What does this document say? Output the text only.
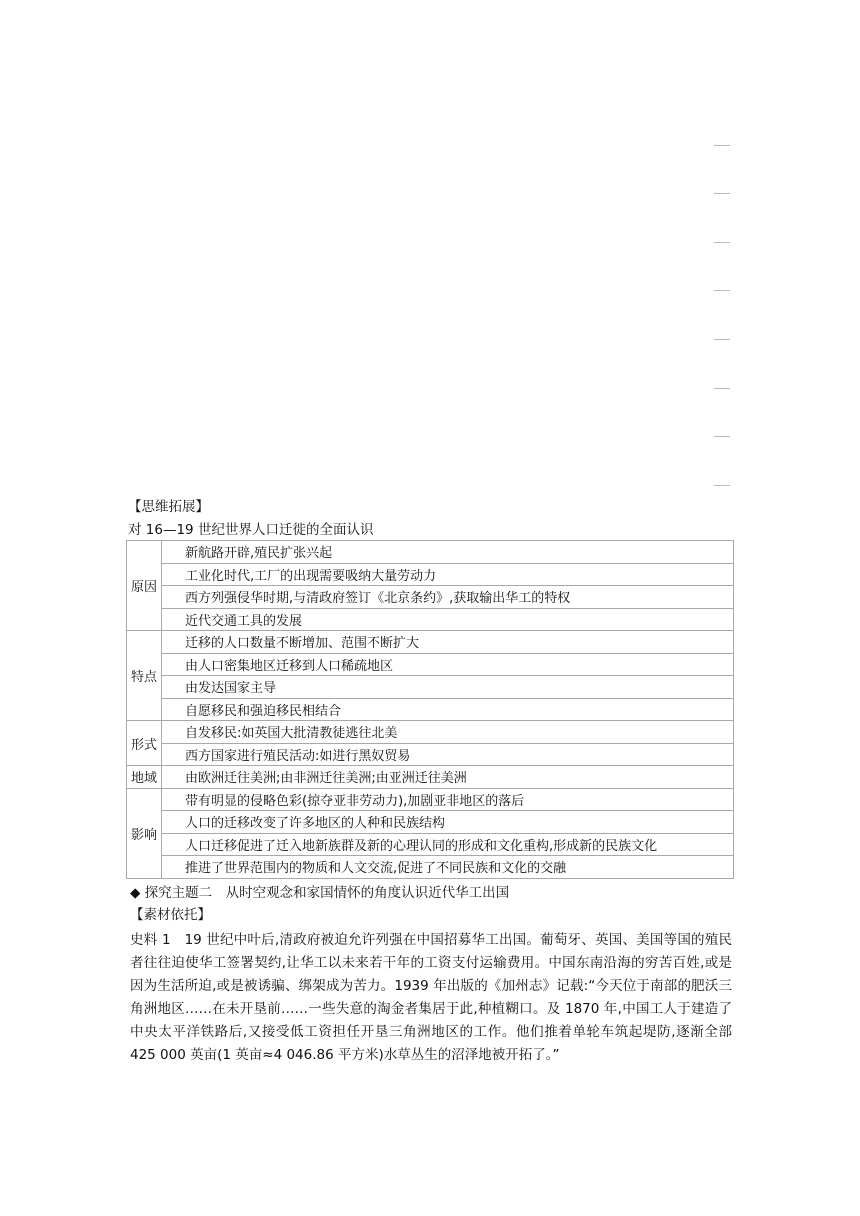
【思维拓展】
对 16—19 世纪世界人口迁徙的全面认识
原因	新航路开辟,殖民扩张兴起
	工业化时代,工厂的出现需要吸纳大量劳动力
	西方列强侵华时期,与清政府签订《北京条约》,获取输出华工的特权
	近代交通工具的发展
特点	迁移的人口数量不断增加、范围不断扩大
	由人口密集地区迁移到人口稀疏地区
	由发达国家主导
	自愿移民和强迫移民相结合
形式	自发移民:如英国大批清教徒逃往北美
	西方国家进行殖民活动:如进行黑奴贸易
地域	由欧洲迁往美洲;由非洲迁往美洲;由亚洲迁往美洲
影响	带有明显的侵略色彩(掠夺亚非劳动力),加剧亚非地区的落后
	人口的迁移改变了许多地区的人种和民族结构
	人口迁移促进了迁入地新族群及新的心理认同的形成和文化重构,形成新的民族文化
	推进了世界范围内的物质和人文交流,促进了不同民族和文化的交融
◆ 探究主题二　从时空观念和家国情怀的角度认识近代华工出国
【素材依托】
史料 1 19 世纪中叶后,清政府被迫允许列强在中国招募华工出国。葡萄牙、英国、美国等国的殖民者往往迫使华工签署契约,让华工以未来若干年的工资支付运输费用。中国东南沿海的穷苦百姓,或是因为生活所迫,或是被诱骗、绑架成为苦力。1939 年出版的《加州志》记载:“今天位于南部的肥沃三角洲地区……在未开垦前……一些失意的淘金者集居于此,种植糊口。及 1870 年,中国工人于建造了中央太平洋铁路后,又接受低工资担任开垦三角洲地区的工作。他们推着单轮车筑起堤防,逐渐全部 425 000 英亩(1 英亩≈4 046.86 平方米)水草丛生的沼泽地被开拓了。”
